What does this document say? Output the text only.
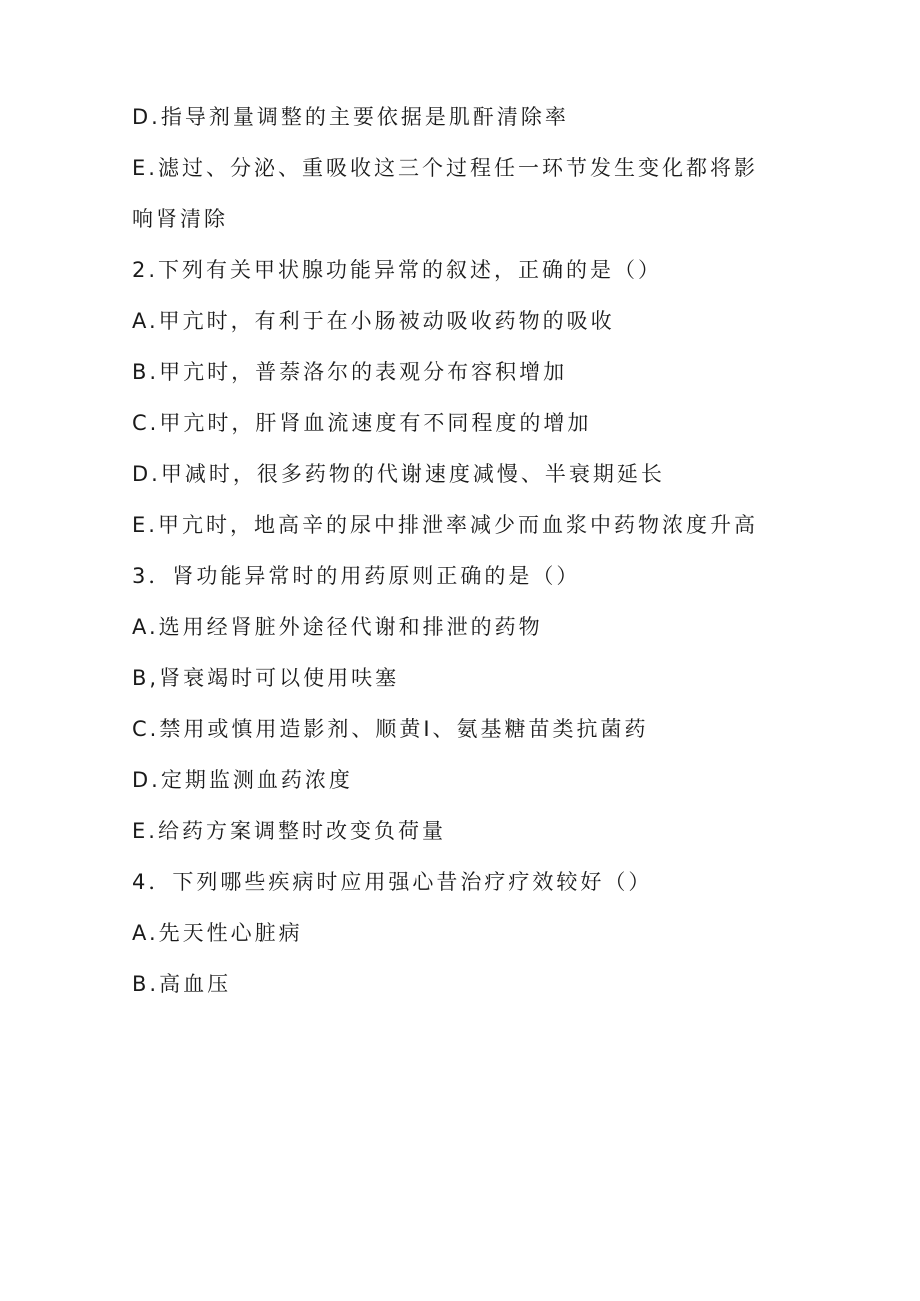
D.指导剂量调整的主要依据是肌酐清除率
E.滤过、分泌、重吸收这三个过程任一环节发生变化都将影
响肾清除
2.下列有关甲状腺功能异常的叙述，正确的是（）
A.甲亢时，有利于在小肠被动吸收药物的吸收
B.甲亢时，普萘洛尔的表观分布容积增加
C.甲亢时，肝肾血流速度有不同程度的增加
D.甲减时，很多药物的代谢速度减慢、半衰期延长
E.甲亢时，地高辛的尿中排泄率减少而血浆中药物浓度升高
3．肾功能异常时的用药原则正确的是（）
A.选用经肾脏外途径代谢和排泄的药物
B,肾衰竭时可以使用呋塞
C.禁用或慎用造影剂、顺黄I、氨基糖苗类抗菌药
D.定期监测血药浓度
E.给药方案调整时改变负荷量
4．下列哪些疾病时应用强心昔治疗疗效较好（）
A.先天性心脏病
B.高血压
